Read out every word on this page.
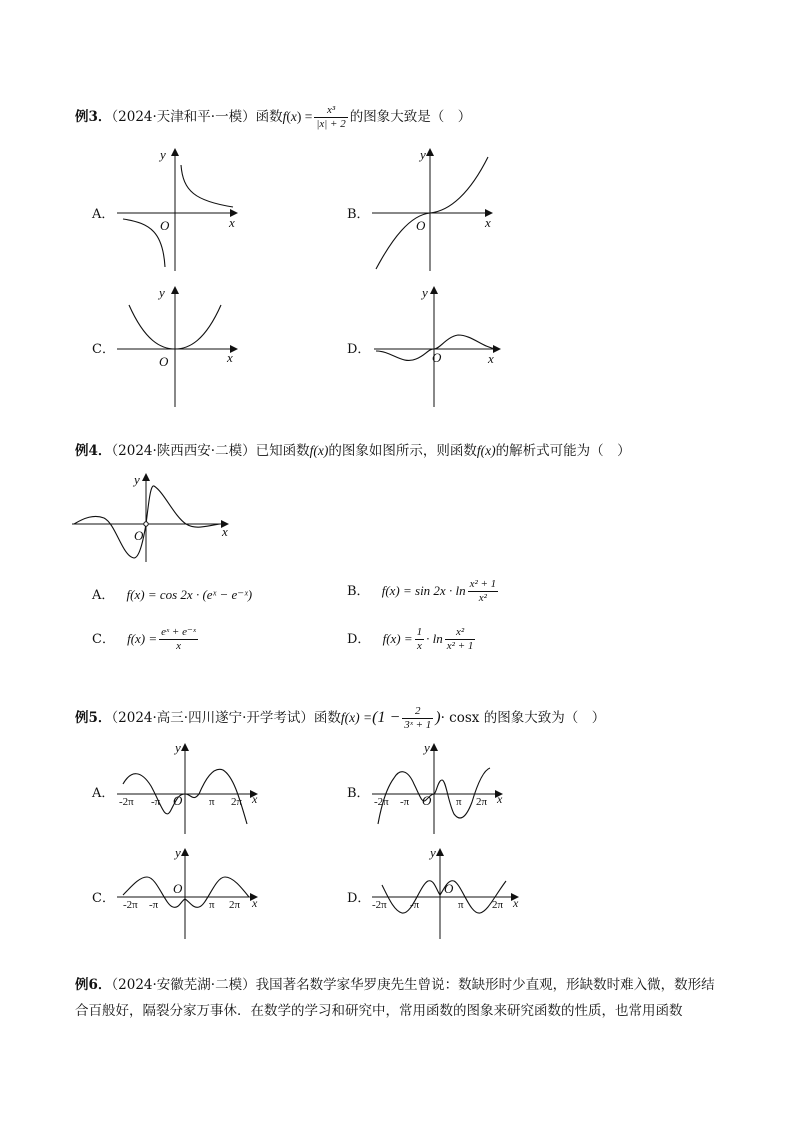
例3．（2024·天津和平·一模）函数$f(x) = \frac{\text{x³}}{|x| + 2}$ 的图象大致是（　）
A．	B．
C．	D．
y
x
O
y
x
O
y
x
O
y
x
O
例4．（2024·陕西西安·二模）已知函数f(x)的图象如图所示，则函数f(x)的解析式可能为（　）
y
x
O
A． f(x) = cos 2x · (eˣ − e⁻ˣ)	B． $f(x) = \sin 2x \cdot \ln \frac{\text{x² + 1}}{\text{x²}}$
C． $f(x) = \frac{\text{eˣ + e⁻ˣ}}{x}$	D． $f(x) = \frac{1}{x} \cdot \ln \frac{\text{x²}}{\text{x² + 1}}$
例5．（2024·高三·四川遂宁·开学考试）函数$f(x) =(1 - \frac{2}{\text{3ˣ + 1}}$ )· cosx 的图象大致为（　）
A．	B．
C．	D．
y
x
O
-2π -π	π 2π
y
x
O
-2π -π	π 2π
y
x
O
-2π -π	π 2π
y
x
O
-2π -π	π	2π
例6．（2024·安徽芜湖·二模）我国著名数学家华罗庚先生曾说：数缺形时少直观，形缺数时难入微，数形结合百般好，隔裂分家万事休．在数学的学习和研究中，常用函数的图象来研究函数的性质，也常用函数
